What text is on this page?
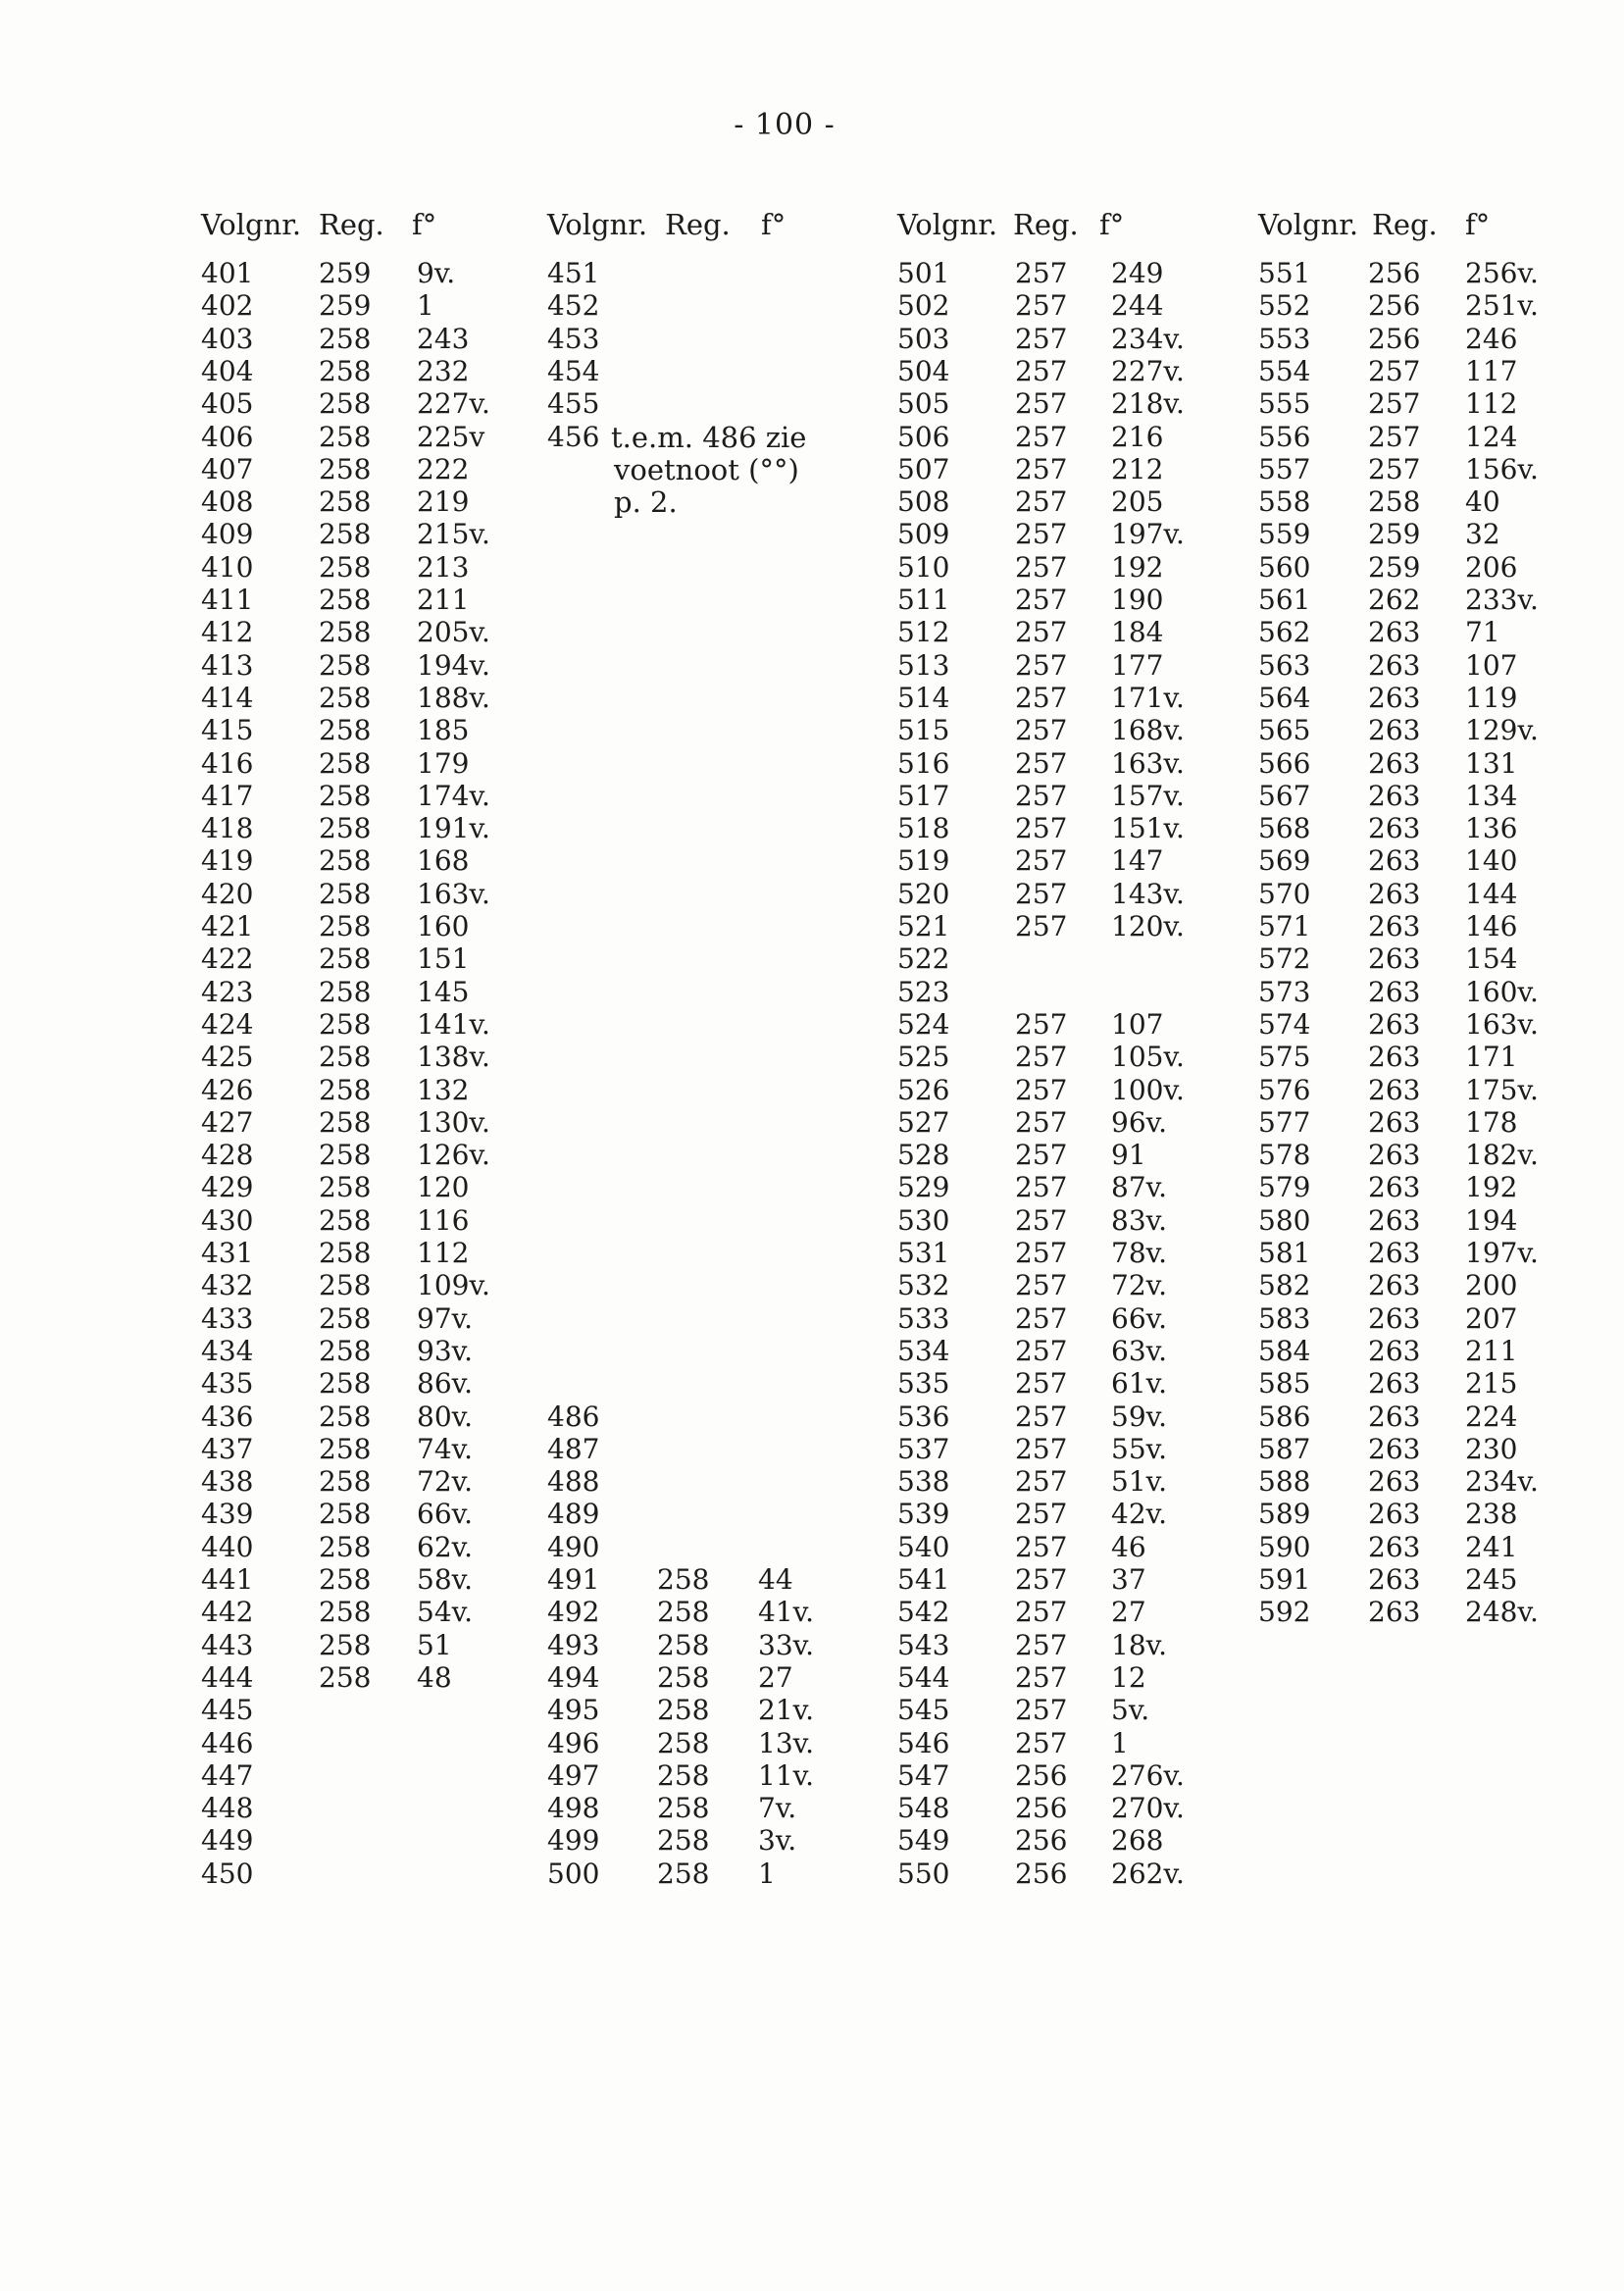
- 100 -
Volgnr. Reg. f°
401 259 9v.
402 259 1
403 258 243
404 258 232
405 258 227v.
406 258 225v
407 258 222
408 258 219
409 258 215v.
410 258 213
411 258 211
412 258 205v.
413 258 194v.
414 258 188v.
415 258 185
416 258 179
417 258 174v.
418 258 191v.
419 258 168
420 258 163v.
421 258 160
422 258 151
423 258 145
424 258 141v.
425 258 138v.
426 258 132
427 258 130v.
428 258 126v.
429 258 120
430 258 116
431 258 112
432 258 109v.
433 258 97v.
434 258 93v.
435 258 86v.
436 258 80v.
437 258 74v.
438 258 72v.
439 258 66v.
440 258 62v.
441 258 58v.
442 258 54v.
443 258 51
444 258 48
445
446
447
448
449
450
Volgnr. Reg. f°
451
452
453
454
455
456
486
487
488
489
490
491 258 44
492 258 41v.
493 258 33v.
494 258 27
495 258 21v.
496 258 13v.
497 258 11v.
498 258 7v.
499 258 3v.
500 258 1
t.e.m. 486 zie
voetnoot (°°)
p. 2.
Volgnr. Reg. f°
501 257 249
502 257 244
503 257 234v.
504 257 227v.
505 257 218v.
506 257 216
507 257 212
508 257 205
509 257 197v.
510 257 192
511 257 190
512 257 184
513 257 177
514 257 171v.
515 257 168v.
516 257 163v.
517 257 157v.
518 257 151v.
519 257 147
520 257 143v.
521 257 120v.
522
523
524 257 107
525 257 105v.
526 257 100v.
527 257 96v.
528 257 91
529 257 87v.
530 257 83v.
531 257 78v.
532 257 72v.
533 257 66v.
534 257 63v.
535 257 61v.
536 257 59v.
537 257 55v.
538 257 51v.
539 257 42v.
540 257 46
541 257 37
542 257 27
543 257 18v.
544 257 12
545 257 5v.
546 257 1
547 256 276v.
548 256 270v.
549 256 268
550 256 262v.
Volgnr. Reg. f°
551 256 256v.
552 256 251v.
553 256 246
554 257 117
555 257 112
556 257 124
557 257 156v.
558 258 40
559 259 32
560 259 206
561 262 233v.
562 263 71
563 263 107
564 263 119
565 263 129v.
566 263 131
567 263 134
568 263 136
569 263 140
570 263 144
571 263 146
572 263 154
573 263 160v.
574 263 163v.
575 263 171
576 263 175v.
577 263 178
578 263 182v.
579 263 192
580 263 194
581 263 197v.
582 263 200
583 263 207
584 263 211
585 263 215
586 263 224
587 263 230
588 263 234v.
589 263 238
590 263 241
591 263 245
592 263 248v.
